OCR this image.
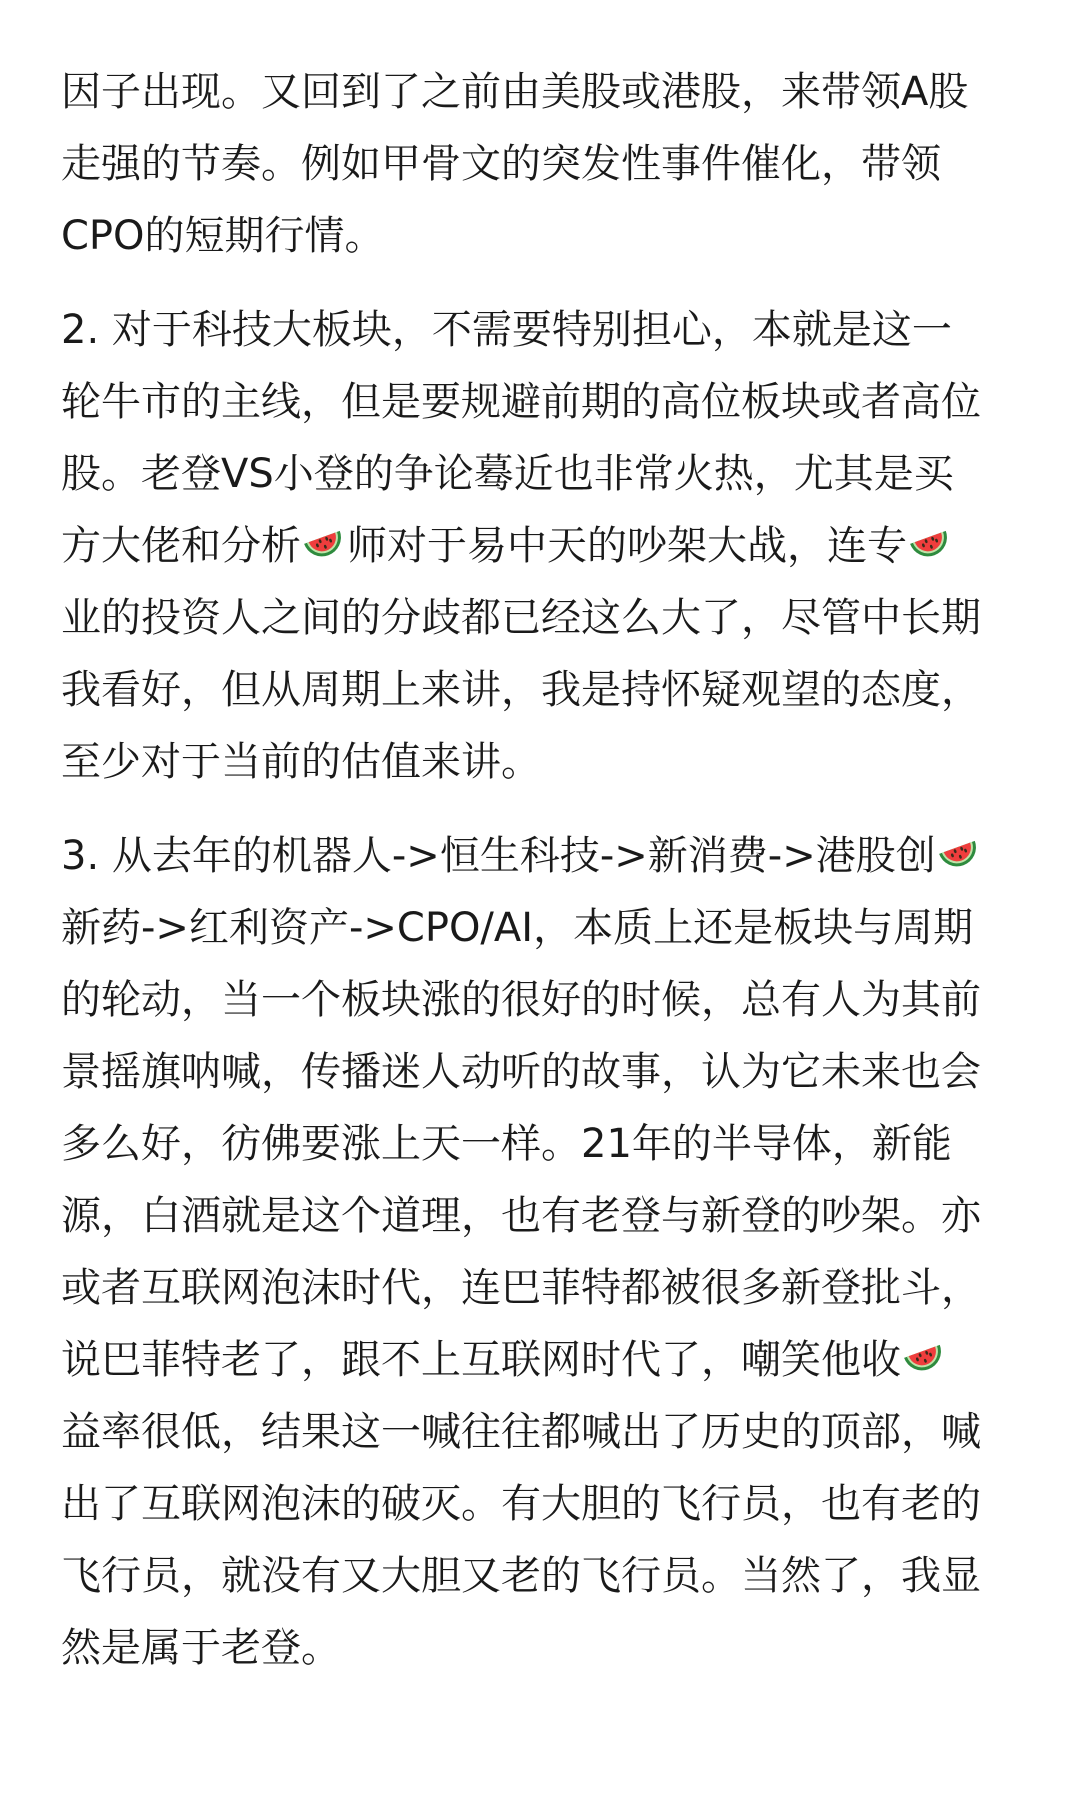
因子出现。又回到了之前由美股或港股，来带领A股
走强的节奏。例如甲骨文的突发性事件催化，带领
CPO的短期行情。

2. 对于科技大板块，不需要特别担心，本就是这一
轮牛市的主线，但是要规避前期的高位板块或者高位
股。老登VS小登的争论蓦近也非常火热，尤其是买
方大佬和分析 师对于易中天的吵架大战，连专
业的投资人之间的分歧都已经这么大了，尽管中长期
我看好，但从周期上来讲，我是持怀疑观望的态度，
至少对于当前的估值来讲。

3. 从去年的机器人->恒生科技->新消费->港股创
新药->红利资产->CPO/AI，本质上还是板块与周期
的轮动，当一个板块涨的很好的时候，总有人为其前
景摇旗呐喊，传播迷人动听的故事，认为它未来也会
多么好，彷佛要涨上天一样。21年的半导体，新能
源，白酒就是这个道理，也有老登与新登的吵架。亦
或者互联网泡沫时代，连巴菲特都被很多新登批斗，
说巴菲特老了，跟不上互联网时代了，嘲笑他收
益率很低，结果这一喊往往都喊出了历史的顶部，喊
出了互联网泡沫的破灭。有大胆的飞行员，也有老的
飞行员，就没有又大胆又老的飞行员。当然了，我显
然是属于老登。
